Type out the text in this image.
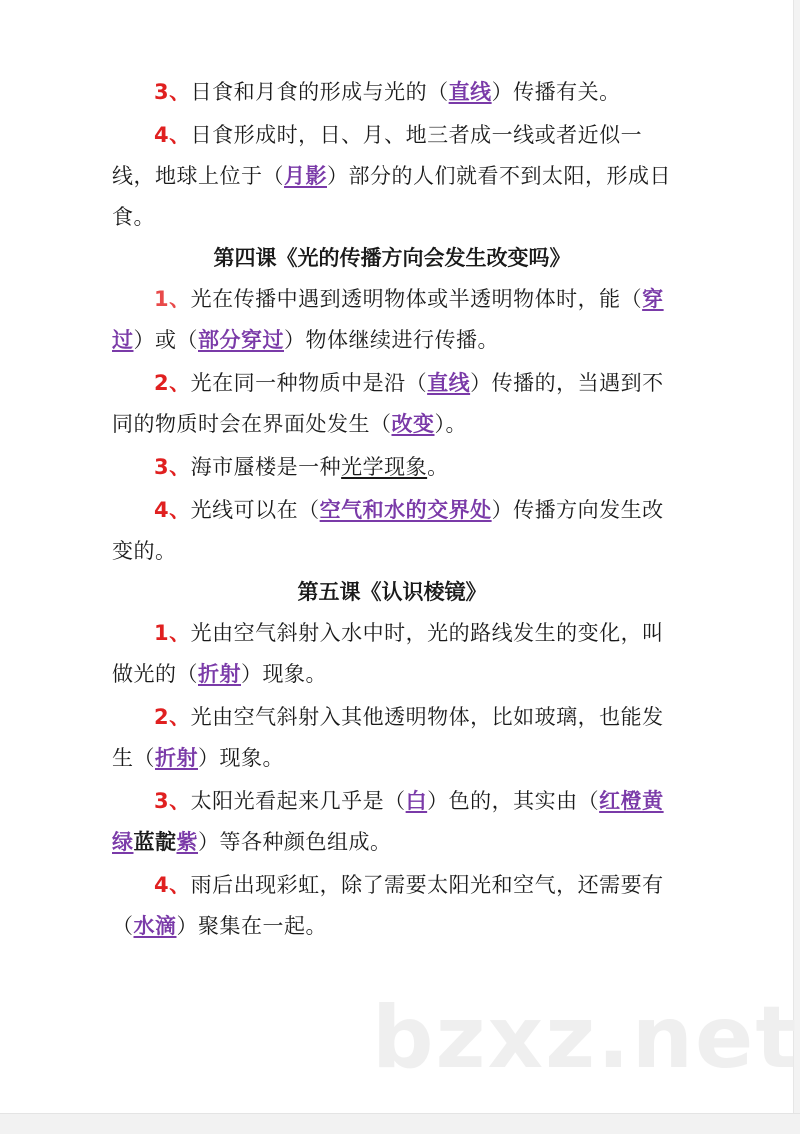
3、日食和月食的形成与光的（直线）传播有关。

4、日食形成时，日、月、地三者成一线或者近似一线，地球上位于（月影）部分的人们就看不到太阳，形成日食。

第四课《光的传播方向会发生改变吗》

1、光在传播中遇到透明物体或半透明物体时，能（穿过）或（部分穿过）物体继续进行传播。

2、光在同一种物质中是沿（直线）传播的，当遇到不同的物质时会在界面处发生（改变）。

3、海市蜃楼是一种光学现象。

4、光线可以在（空气和水的交界处）传播方向发生改变的。

第五课《认识棱镜》

1、光由空气斜射入水中时，光的路线发生的变化，叫做光的（折射）现象。

2、光由空气斜射入其他透明物体，比如玻璃，也能发生（折射）现象。

3、太阳光看起来几乎是（白）色的，其实由（红橙黄绿蓝靛紫）等各种颜色组成。

4、雨后出现彩虹，除了需要太阳光和空气，还需要有（水滴）聚集在一起。

bzxz.net
